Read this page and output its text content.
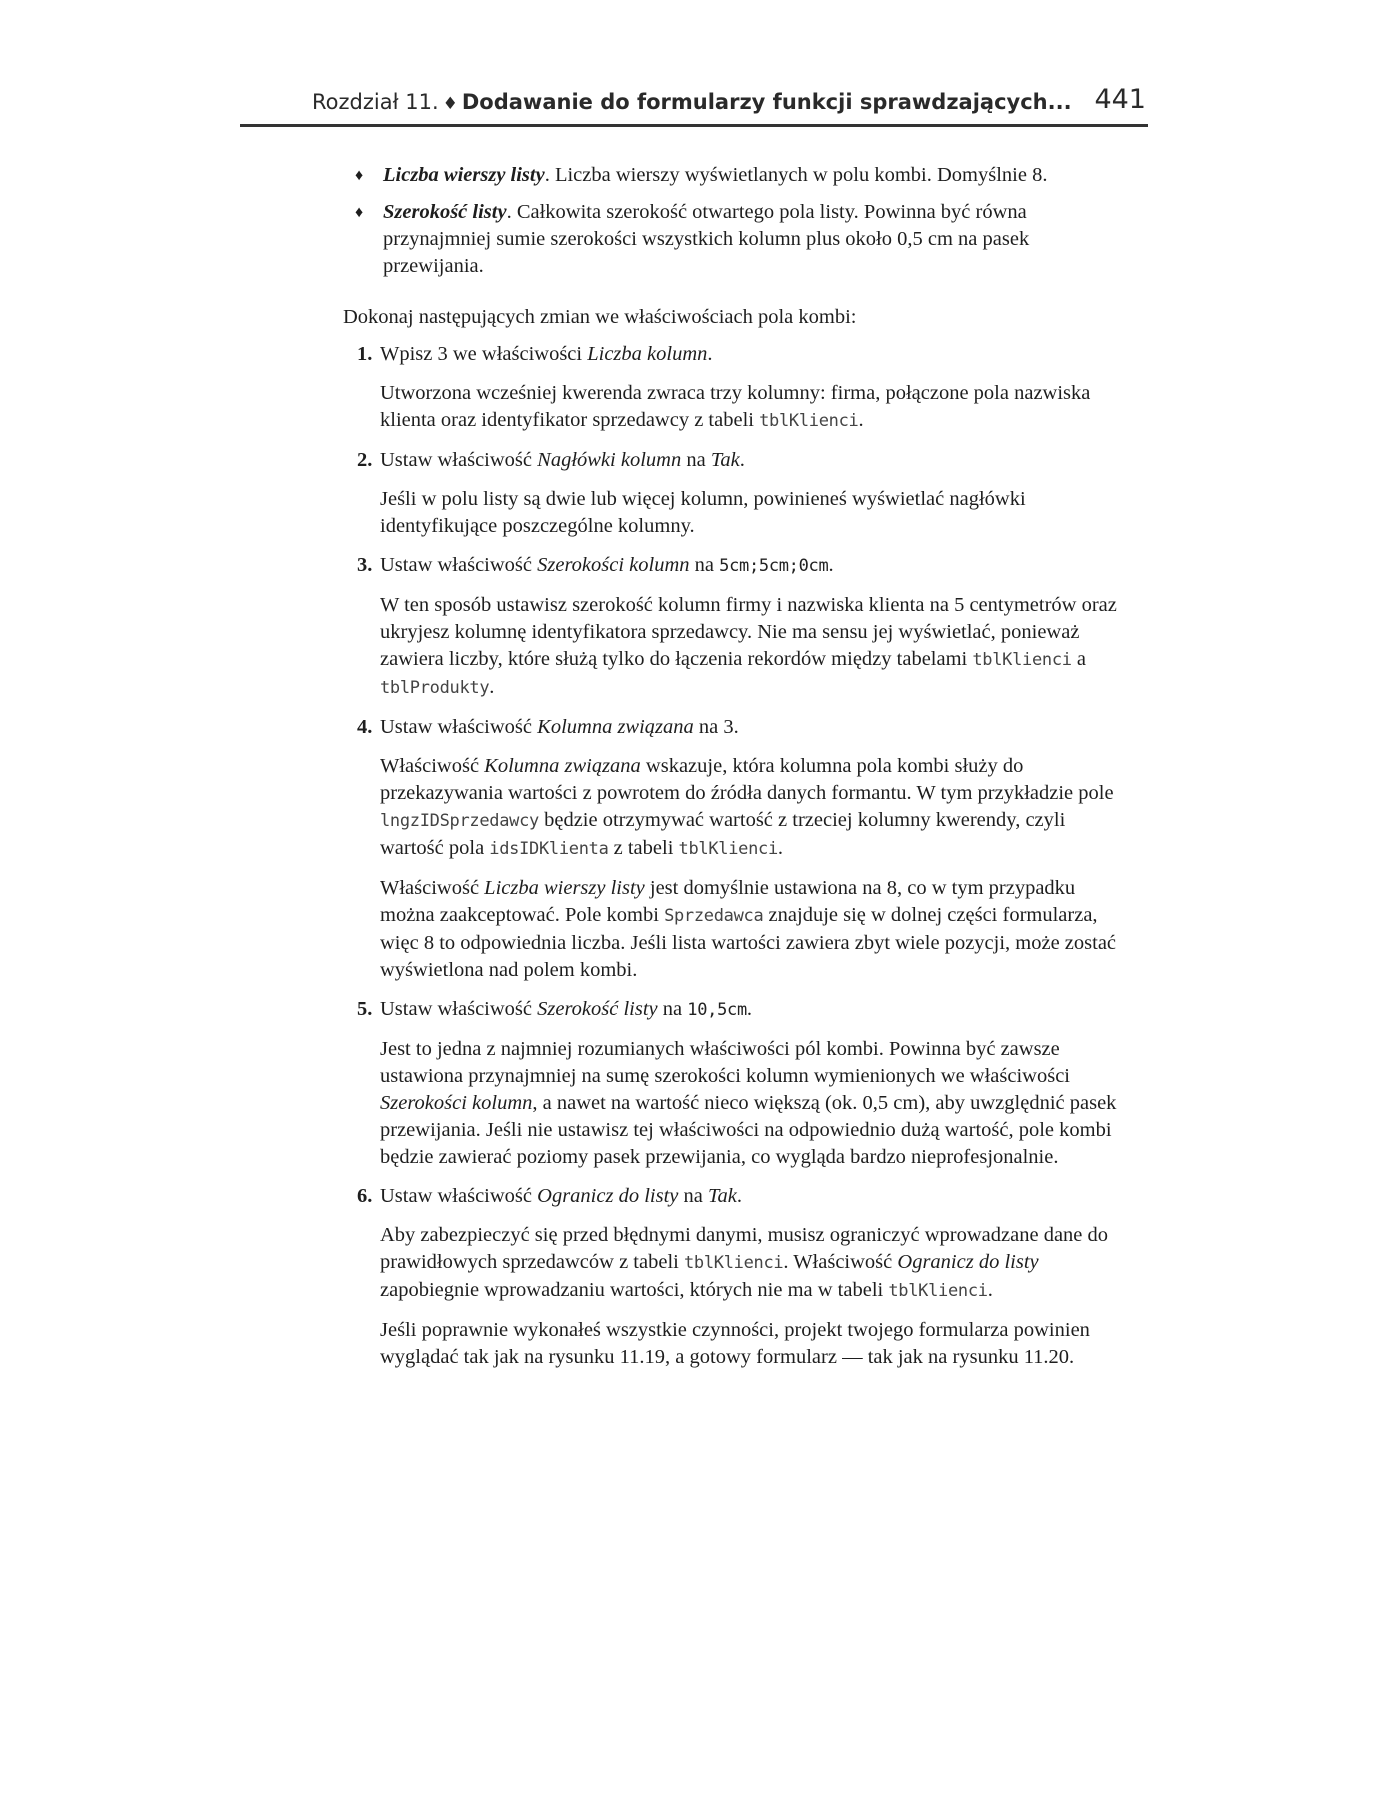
Rozdział 11. ♦ Dodawanie do formularzy funkcji sprawdzających... 441
♦ Liczba wierszy listy. Liczba wierszy wyświetlanych w polu kombi. Domyślnie 8.
♦ Szerokość listy. Całkowita szerokość otwartego pola listy. Powinna być równa przynajmniej sumie szerokości wszystkich kolumn plus około 0,5 cm na pasek przewijania.
Dokonaj następujących zmian we właściwościach pola kombi:
1. Wpisz 3 we właściwości Liczba kolumn.
Utworzona wcześniej kwerenda zwraca trzy kolumny: firma, połączone pola nazwiska klienta oraz identyfikator sprzedawcy z tabeli tblKlienci.
2. Ustaw właściwość Nagłówki kolumn na Tak.
Jeśli w polu listy są dwie lub więcej kolumn, powinieneś wyświetlać nagłówki identyfikujące poszczególne kolumny.
3. Ustaw właściwość Szerokości kolumn na 5cm;5cm;0cm.
W ten sposób ustawisz szerokość kolumn firmy i nazwiska klienta na 5 centymetrów oraz ukryjesz kolumnę identyfikatora sprzedawcy. Nie ma sensu jej wyświetlać, ponieważ zawiera liczby, które służą tylko do łączenia rekordów między tabelami tblKlienci a tblProdukty.
4. Ustaw właściwość Kolumna związana na 3.
Właściwość Kolumna związana wskazuje, która kolumna pola kombi służy do przekazywania wartości z powrotem do źródła danych formantu. W tym przykładzie pole lngzIDSprzedawcy będzie otrzymywać wartość z trzeciej kolumny kwerendy, czyli wartość pola idsIDKlienta z tabeli tblKlienci.
Właściwość Liczba wierszy listy jest domyślnie ustawiona na 8, co w tym przypadku można zaakceptować. Pole kombi Sprzedawca znajduje się w dolnej części formularza, więc 8 to odpowiednia liczba. Jeśli lista wartości zawiera zbyt wiele pozycji, może zostać wyświetlona nad polem kombi.
5. Ustaw właściwość Szerokość listy na 10,5cm.
Jest to jedna z najmniej rozumianych właściwości pól kombi. Powinna być zawsze ustawiona przynajmniej na sumę szerokości kolumn wymienionych we właściwości Szerokości kolumn, a nawet na wartość nieco większą (ok. 0,5 cm), aby uwzględnić pasek przewijania. Jeśli nie ustawisz tej właściwości na odpowiednio dużą wartość, pole kombi będzie zawierać poziomy pasek przewijania, co wygląda bardzo nieprofesjonalnie.
6. Ustaw właściwość Ogranicz do listy na Tak.
Aby zabezpieczyć się przed błędnymi danymi, musisz ograniczyć wprowadzane dane do prawidłowych sprzedawców z tabeli tblKlienci. Właściwość Ogranicz do listy zapobiegnie wprowadzaniu wartości, których nie ma w tabeli tblKlienci.
Jeśli poprawnie wykonałeś wszystkie czynności, projekt twojego formularza powinien wyglądać tak jak na rysunku 11.19, a gotowy formularz — tak jak na rysunku 11.20.
